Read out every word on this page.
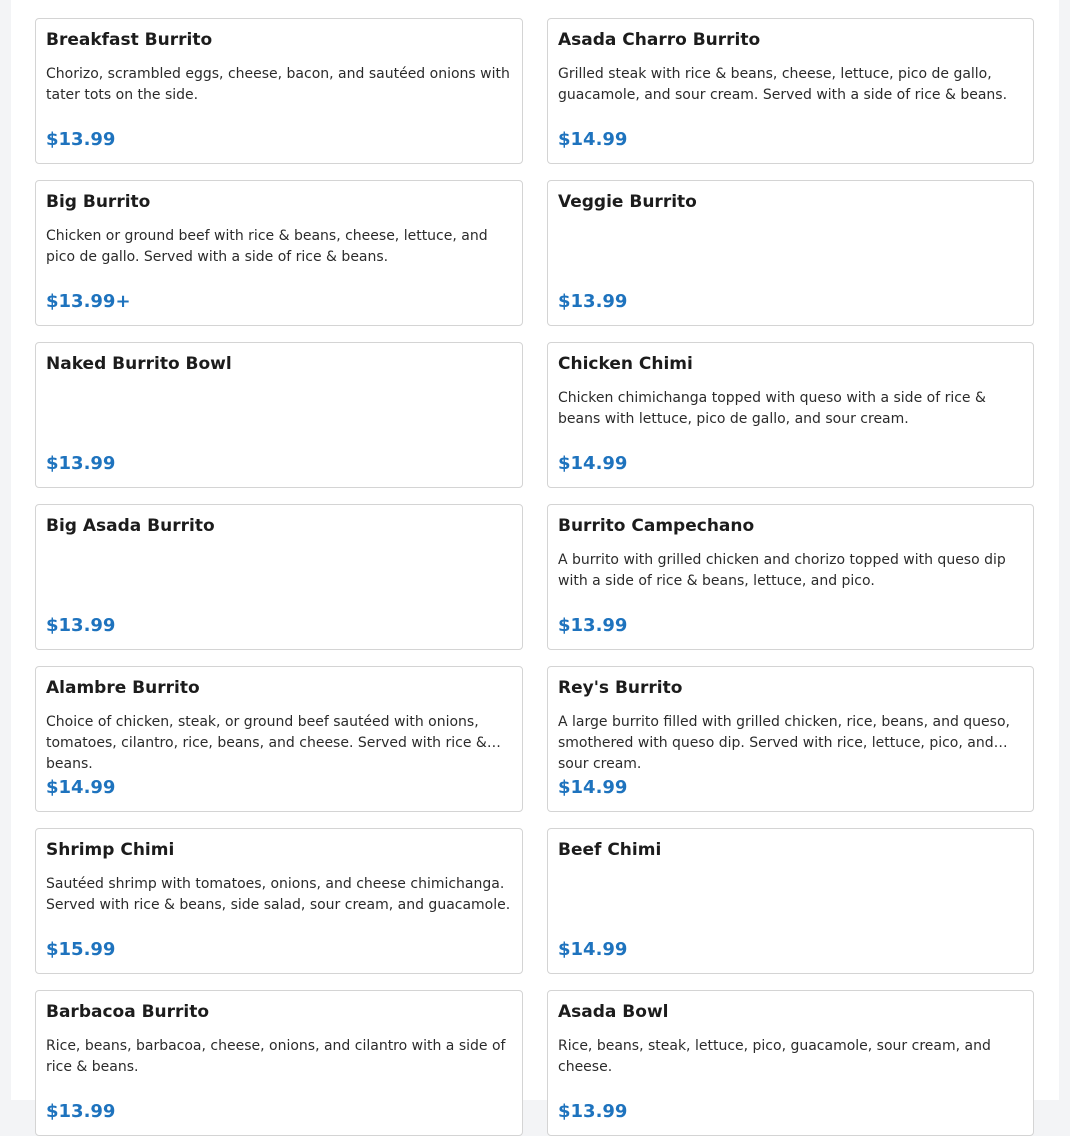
Breakfast Burrito
Chorizo, scrambled eggs, cheese, bacon, and sautéed onions with tater tots on the side.
$13.99
Asada Charro Burrito
Grilled steak with rice & beans, cheese, lettuce, pico de gallo, guacamole, and sour cream. Served with a side of rice & beans.
$14.99
Big Burrito
Chicken or ground beef with rice & beans, cheese, lettuce, and pico de gallo. Served with a side of rice & beans.
$13.99+
Veggie Burrito
$13.99
Naked Burrito Bowl
$13.99
Chicken Chimi
Chicken chimichanga topped with queso with a side of rice & beans with lettuce, pico de gallo, and sour cream.
$14.99
Big Asada Burrito
$13.99
Burrito Campechano
A burrito with grilled chicken and chorizo topped with queso dip with a side of rice & beans, lettuce, and pico.
$13.99
Alambre Burrito
Choice of chicken, steak, or ground beef sautéed with onions, tomatoes, cilantro, rice, beans, and cheese. Served with rice & beans.
$14.99
Rey's Burrito
A large burrito filled with grilled chicken, rice, beans, and queso, smothered with queso dip. Served with rice, lettuce, pico, and sour cream.
$14.99
Shrimp Chimi
Sautéed shrimp with tomatoes, onions, and cheese chimichanga. Served with rice & beans, side salad, sour cream, and guacamole.
$15.99
Beef Chimi
$14.99
Barbacoa Burrito
Rice, beans, barbacoa, cheese, onions, and cilantro with a side of rice & beans.
$13.99
Asada Bowl
Rice, beans, steak, lettuce, pico, guacamole, sour cream, and cheese.
$13.99
